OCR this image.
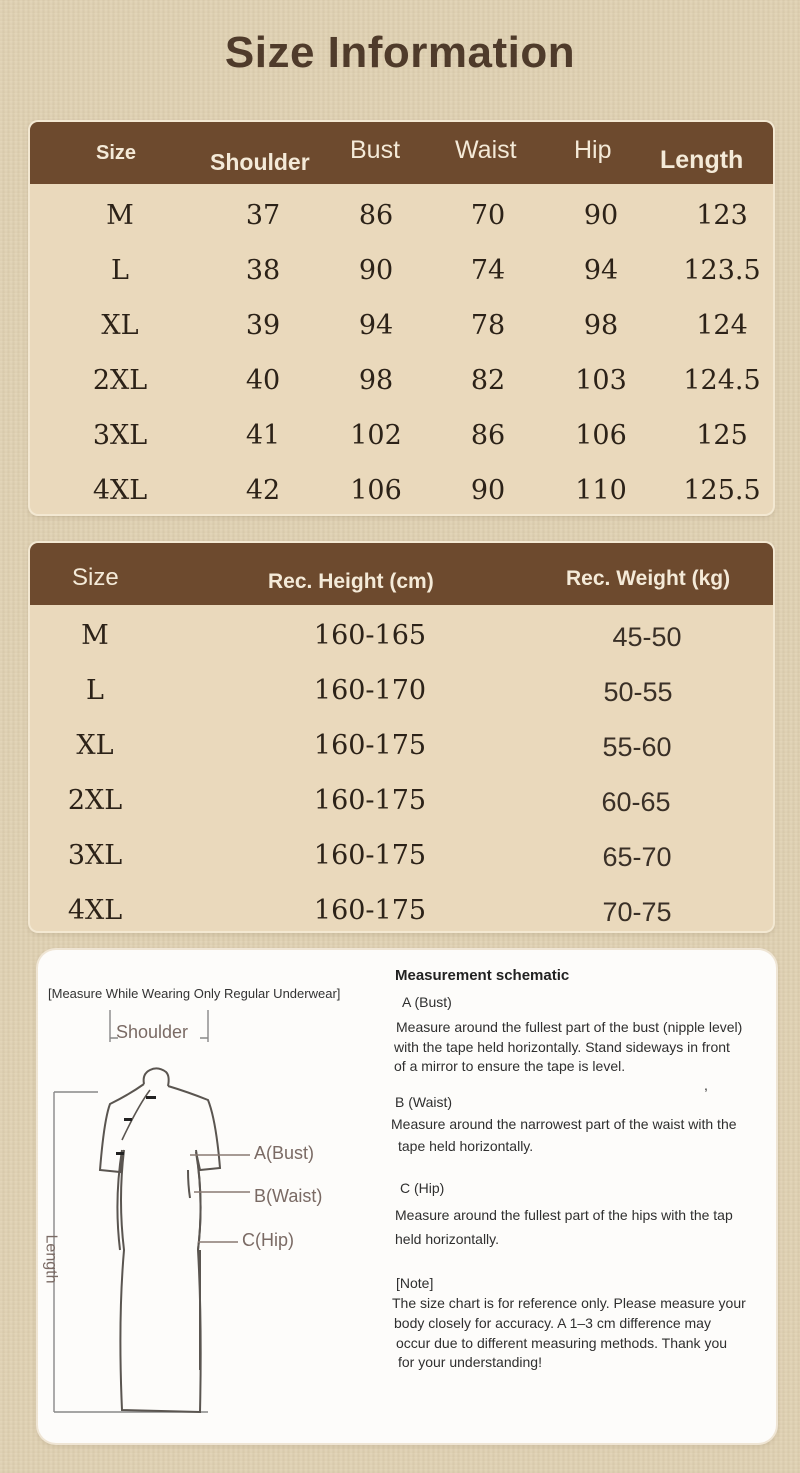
Size Information
Size	Shoulder Bust Waist Hip Length
M	37	86	70	90	123
L	38	90	74	94	123.5
XL	39	94	78	98	124
2XL	40	98	82	103	124.5
3XL	41	102	86	106	125
4XL	42	106	90	110	125.5
Size	Rec. Height (cm)	Rec. Weight (kg)
M	160-165	45-50
L	160-170	50-55
XL	160-175	55-60
2XL	160-175	60-65
3XL	160-175	65-70
4XL	160-175	70-75
[Measure While Wearing Only Regular Underwear]
Shoulder
A(Bust)
B(Waist)
C(Hip)
Length
Measurement schematic
A (Bust)
Measure around the fullest part of the bust (nipple level)
with the tape held horizontally. Stand sideways in front
of a mirror to ensure the tape is level.
,
B (Waist)
Measure around the narrowest part of the waist with the
tape held horizontally.
C (Hip)
Measure around the fullest part of the hips with the tap
held horizontally.
[Note]
The size chart is for reference only. Please measure your
body closely for accuracy. A 1–3 cm difference may
occur due to different measuring methods. Thank you
for your understanding!
